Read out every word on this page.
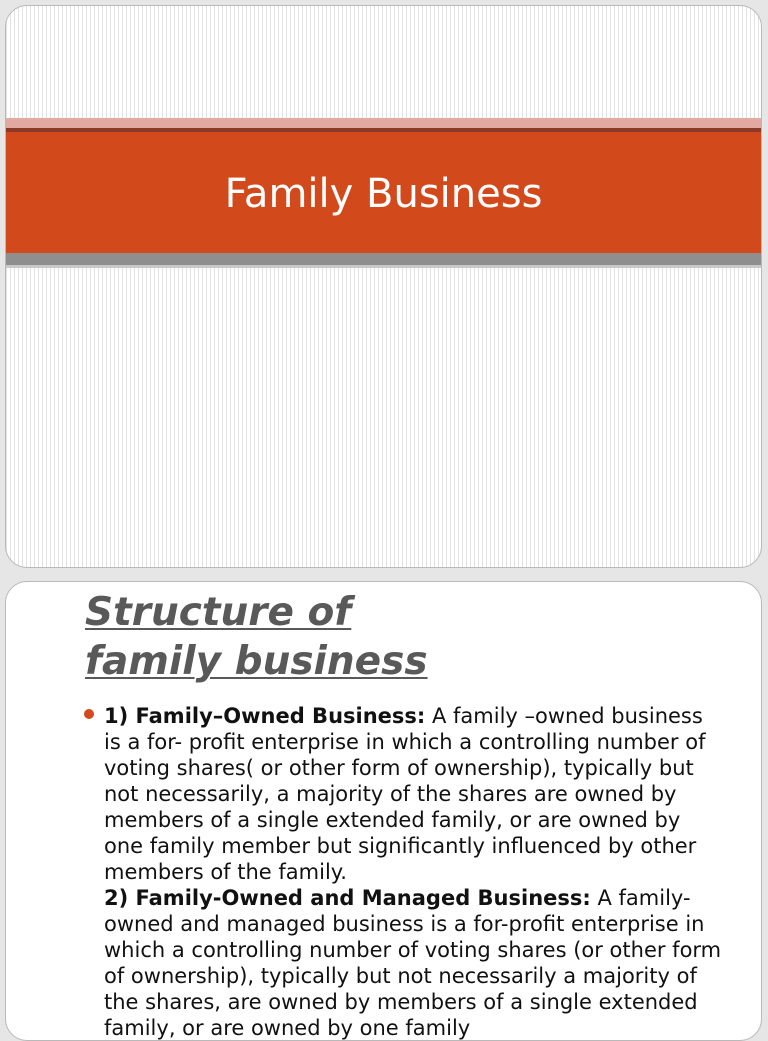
Family Business
Structure of family business

1) Family–Owned Business: A family –owned business is a for- profit enterprise in which a controlling number of voting shares( or other form of ownership), typically but not necessarily, a majority of the shares are owned by members of a single extended family, or are owned by one family member but significantly influenced by other members of the family.
2) Family-Owned and Managed Business: A family-owned and managed business is a for-profit enterprise in which a controlling number of voting shares (or other form of ownership), typically but not necessarily a majority of the shares, are owned by members of a single extended family, or are owned by one family
